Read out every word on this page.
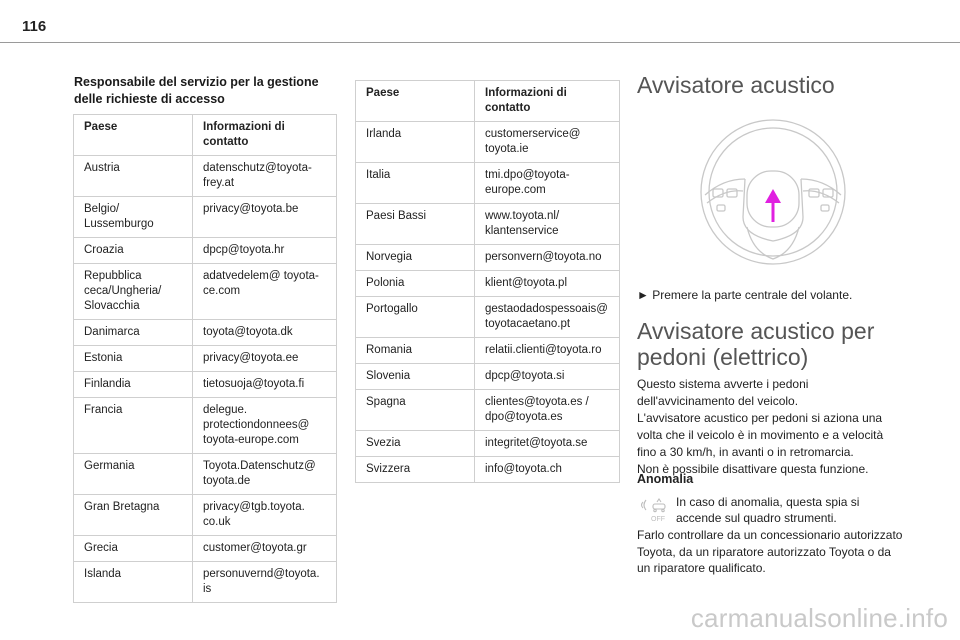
116
Responsabile del servizio per la gestione delle richieste di accesso
Paese	Informazioni di contatto
Austria	datenschutz@toyota-frey.at
Belgio/ Lussemburgo	privacy@toyota.be
Croazia	dpcp@toyota.hr
Repubblica ceca/Ungheria/ Slovacchia	adatvedelem@ toyota-ce.com
Danimarca	toyota@toyota.dk
Estonia	privacy@toyota.ee
Finlandia	tietosuoja@toyota.fi
Francia	delegue. protectiondonnees@ toyota-europe.com
Germania	Toyota.Datenschutz@ toyota.de
Gran Bretagna	privacy@tgb.toyota. co.uk
Grecia	customer@toyota.gr
Islanda	personuvernd@toyota. is
Paese	Informazioni di contatto
Irlanda	customerservice@ toyota.ie
Italia	tmi.dpo@toyota-europe.com
Paesi Bassi	www.toyota.nl/ klantenservice
Norvegia	personvern@toyota.no
Polonia	klient@toyota.pl
Portogallo	gestaodadospessoais@ toyotacaetano.pt
Romania	relatii.clienti@toyota.ro
Slovenia	dpcp@toyota.si
Spagna	clientes@toyota.es / dpo@toyota.es
Svezia	integritet@toyota.se
Svizzera	info@toyota.ch
Avvisatore acustico
► Premere la parte centrale del volante.
Avvisatore acustico per pedoni (elettrico)
Questo sistema avverte i pedoni dell'avvicinamento del veicolo.
L'avvisatore acustico per pedoni si aziona una volta che il veicolo è in movimento e a velocità fino a 30 km/h, in avanti o in retromarcia.
Non è possibile disattivare questa funzione.
Anomalia
OFF
In caso di anomalia, questa spia si accende sul quadro strumenti.
Farlo controllare da un concessionario autorizzato Toyota, da un riparatore autorizzato Toyota o da un riparatore qualificato.
carmanualsonline.info
